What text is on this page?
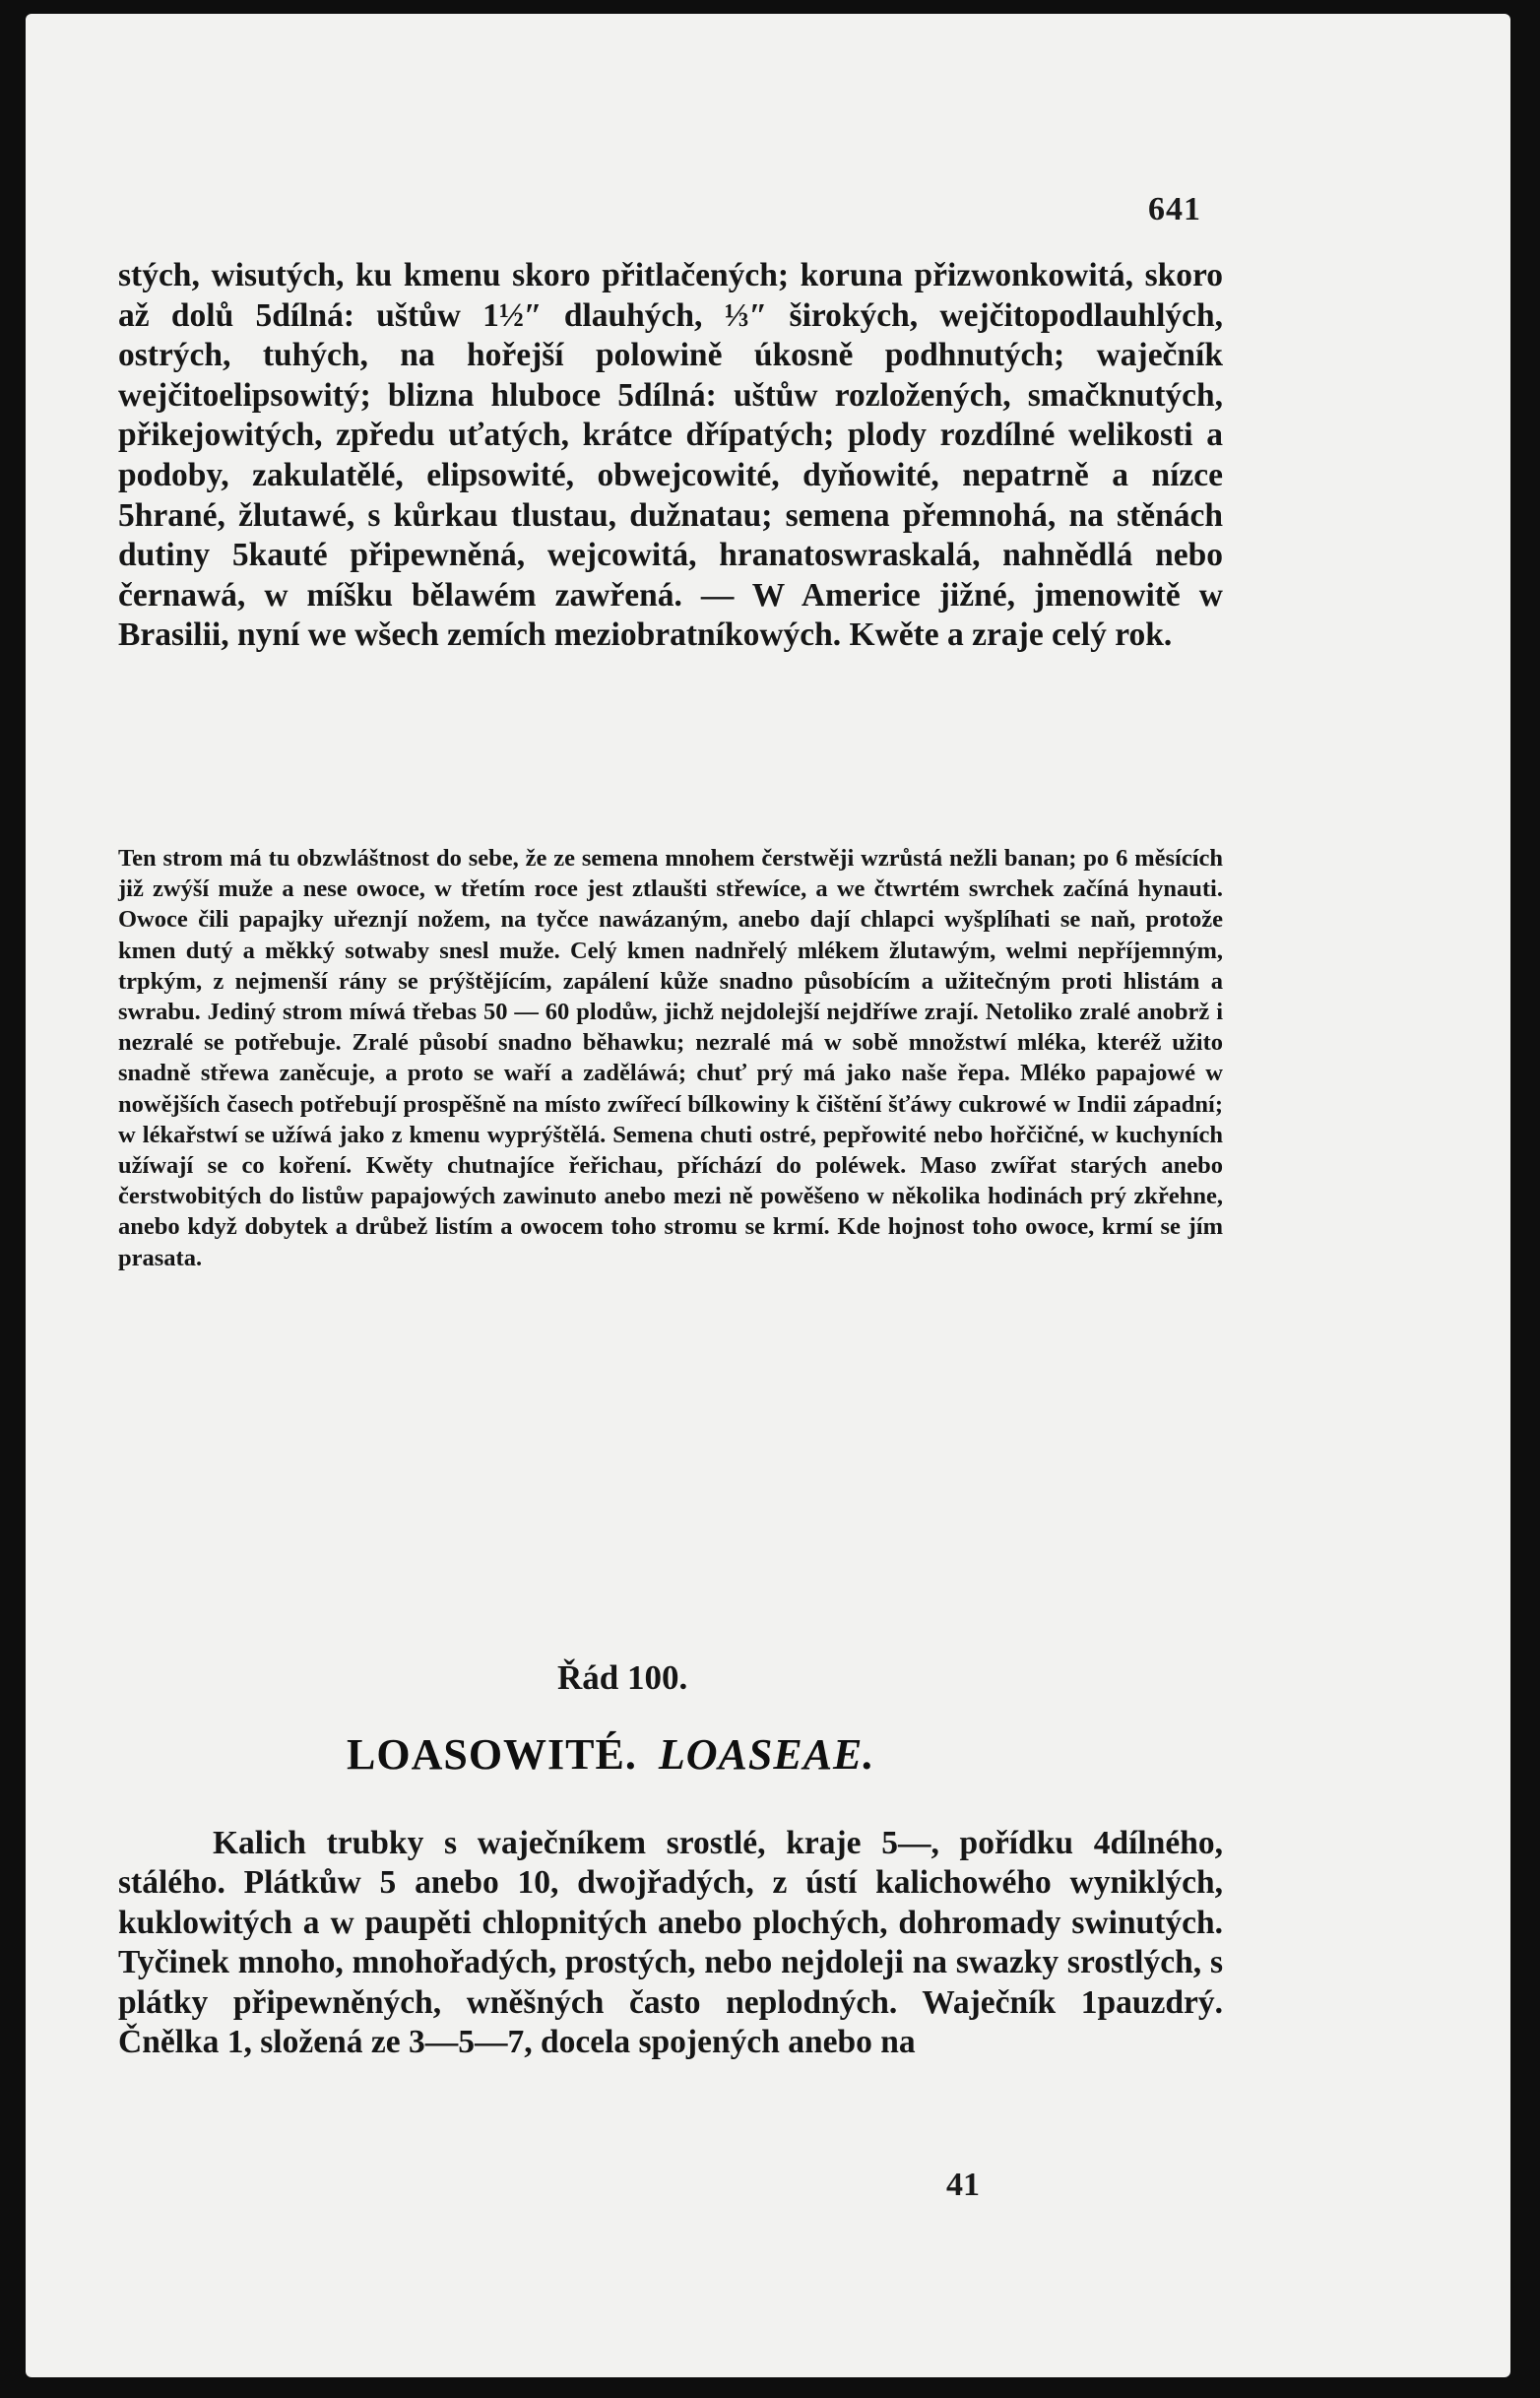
641

stých, wisutých, ku kmenu skoro přitlačených; koruna přizwonkowitá, skoro až dolů 5dílná: uštůw 1½″ dlauhých, ⅓″ širokých, wejčitopodlauhlých, ostrých, tuhých, na hořejší polowině úkosně podhnutých; waječník wejčitoelipsowitý; blizna hluboce 5dílná: uštůw rozložených, smačknutých, přikejowitých, zpředu uťatých, krátce dřípatých; plody rozdílné welikosti a podoby, zakulatělé, elipsowité, obwejcowité, dyňowité, nepatrně a nízce 5hrané, žlutawé, s kůrkau tlustau, dužnatau; semena přemnohá, na stěnách dutiny 5kauté připewněná, wejcowitá, hranatoswraskalá, nahnědlá nebo černawá, w míšku bělawém zawřená. — W Americe jižné, jmenowitě w Brasilii, nyní we wšech zemích meziobratníkowých. Kwěte a zraje celý rok.

Ten strom má tu obzwláštnost do sebe, že ze semena mnohem čerstwěji wzrůstá nežli banan; po 6 měsících již zwýší muže a nese owoce, w třetím roce jest ztlaušti střewíce, a we čtwrtém swrchek začíná hynauti. Owoce čili papajky uřeznjí nožem, na tyčce nawázaným, anebo dají chlapci wyšplíhati se naň, protože kmen dutý a měkký sotwaby snesl muže. Celý kmen nadnřelý mlékem žlutawým, welmi nepříjemným, trpkým, z nejmenší rány se prýštějícím, zapálení kůže snadno působícím a užitečným proti hlistám a swrabu. Jediný strom míwá třebas 50 — 60 plodůw, jichž nejdolejší nejdříwe zrají. Netoliko zralé anobrž i nezralé se potřebuje. Zralé působí snadno běhawku; nezralé má w sobě množstwí mléka, kteréž užito snadně střewa zaněcuje, a proto se waří a zaděláwá; chuť prý má jako naše řepa. Mléko papajowé w nowějších časech potřebují prospěšně na místo zwířecí bílkowiny k čištění šťáwy cukrowé w Indii západní; w lékařstwí se užíwá jako z kmenu wyprýštělá. Semena chuti ostré, pepřowité nebo hořčičné, w kuchyních užíwají se co koření. Kwěty chutnajíce řeřichau, příchází do poléwek. Maso zwířat starých anebo čerstwobitých do listůw papajowých zawinuto anebo mezi ně powěšeno w několika hodinách prý zkřehne, anebo když dobytek a drůbež listím a owocem toho stromu se krmí. Kde hojnost toho owoce, krmí se jím prasata.

Řád 100.
LOASOWITÉ. LOASEAE.

Kalich trubky s waječníkem srostlé, kraje 5—, pořídku 4dílného, stálého. Plátkůw 5 anebo 10, dwojřadých, z ústí kalichowého wyniklých, kuklowitých a w paupěti chlopnitých anebo plochých, dohromady swinutých. Tyčinek mnoho, mnohořadých, prostých, nebo nejdoleji na swazky srostlých, s plátky připewněných, wněšných často neplodných. Waječník 1pauzdrý. Čnělka 1, složená ze 3—5—7, docela spojených anebo na

41
